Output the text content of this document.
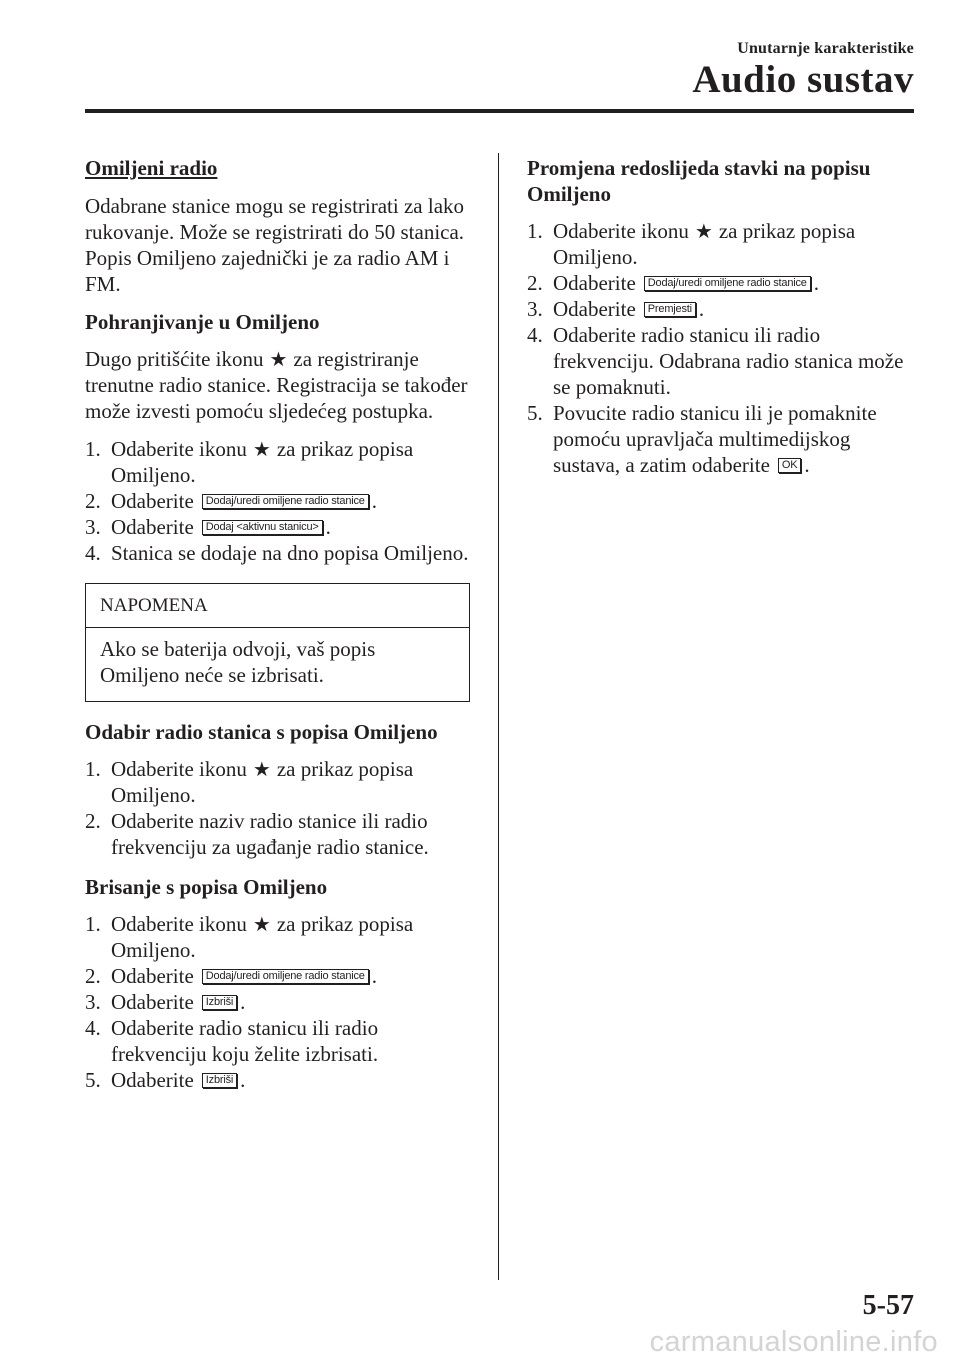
Unutarnje karakteristike
Audio sustav
Omiljeni radio
Odabrane stanice mogu se registrirati za lako rukovanje. Može se registrirati do 50 stanica. Popis Omiljeno zajednički je za radio AM i FM.
Pohranjivanje u Omiljeno
Dugo pritišćite ikonu ★ za registriranje trenutne radio stanice. Registracija se također može izvesti pomoću sljedećeg postupka.
1. Odaberite ikonu ★ za prikaz popisa Omiljeno.
2. Odaberite Dodaj/uredi omiljene radio stanice .
3. Odaberite Dodaj <aktivnu stanicu> .
4. Stanica se dodaje na dno popisa Omiljeno.
NAPOMENA
Ako se baterija odvoji, vaš popis Omiljeno neće se izbrisati.
Odabir radio stanica s popisa Omiljeno
1. Odaberite ikonu ★ za prikaz popisa Omiljeno.
2. Odaberite naziv radio stanice ili radio frekvenciju za ugađanje radio stanice.
Brisanje s popisa Omiljeno
1. Odaberite ikonu ★ za prikaz popisa Omiljeno.
2. Odaberite Dodaj/uredi omiljene radio stanice .
3. Odaberite Izbriši .
4. Odaberite radio stanicu ili radio frekvenciju koju želite izbrisati.
5. Odaberite Izbriši .
Promjena redoslijeda stavki na popisu Omiljeno
1. Odaberite ikonu ★ za prikaz popisa Omiljeno.
2. Odaberite Dodaj/uredi omiljene radio stanice .
3. Odaberite Premjesti .
4. Odaberite radio stanicu ili radio frekvenciju. Odabrana radio stanica može se pomaknuti.
5. Povucite radio stanicu ili je pomaknite pomoću upravljača multimedijskog sustava, a zatim odaberite OK .
5-57
carmanualsonline.info
